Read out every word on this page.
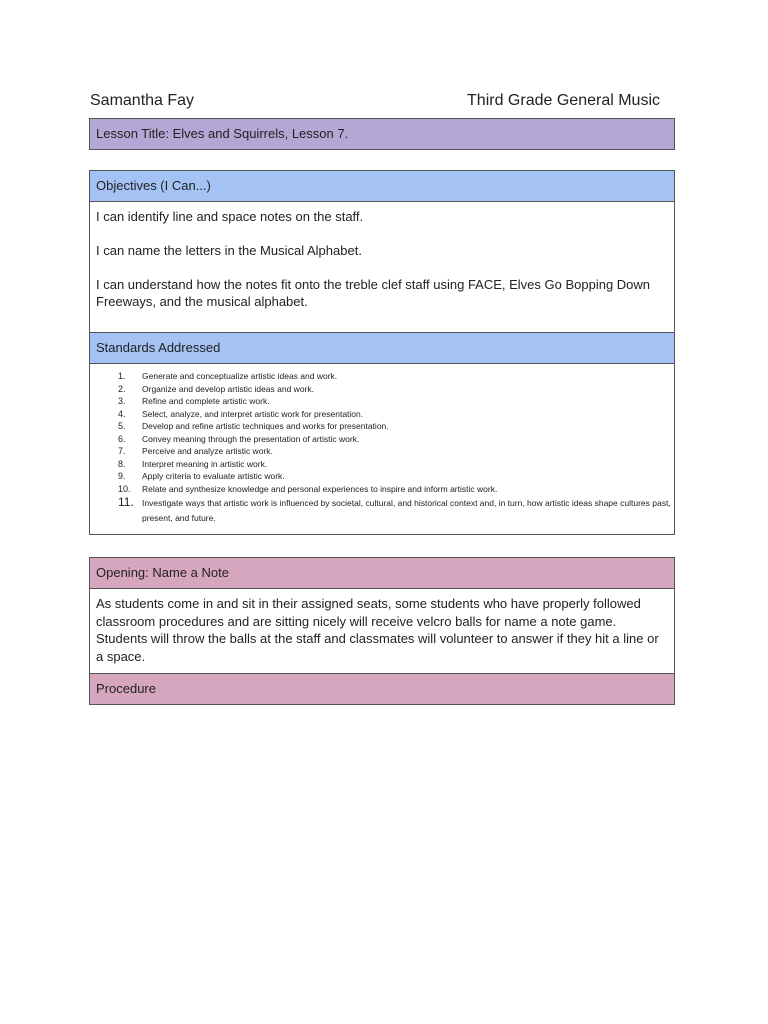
Samantha Fay	Third Grade General Music
Lesson Title: Elves and Squirrels, Lesson 7.
Objectives (I Can...)

I can identify line and space notes on the staff.

I can name the letters in the Musical Alphabet.

I can understand how the notes fit onto the treble clef staff using FACE, Elves Go Bopping Down Freeways, and the musical alphabet.

Standards Addressed
1. Generate and conceptualize artistic ideas and work.
2. Organize and develop artistic ideas and work.
3. Refine and complete artistic work.
4. Select, analyze, and interpret artistic work for presentation.
5. Develop and refine artistic techniques and works for presentation.
6. Convey meaning through the presentation of artistic work.
7. Perceive and analyze artistic work.
8. Interpret meaning in artistic work.
9. Apply criteria to evaluate artistic work.
10. Relate and synthesize knowledge and personal experiences to inspire and inform artistic work.
11. Investigate ways that artistic work is influenced by societal, cultural, and historical context and, in turn, how artistic ideas shape cultures past, present, and future.
Opening: Name a Note
As students come in and sit in their assigned seats, some students who have properly followed classroom procedures and are sitting nicely will receive velcro balls for name a note game. Students will throw the balls at the staff and classmates will volunteer to answer if they hit a line or a space.
Procedure
